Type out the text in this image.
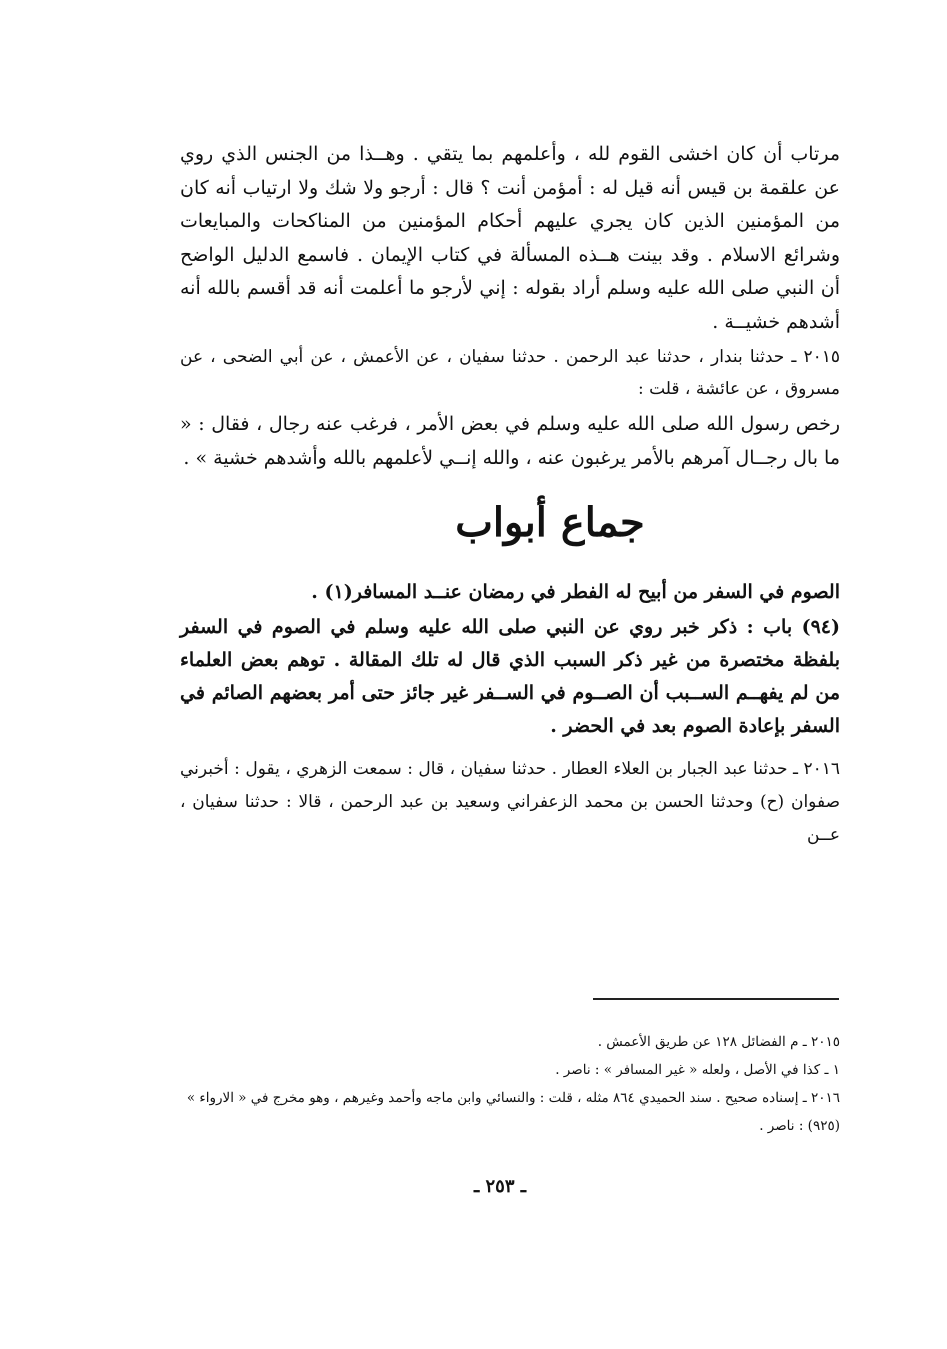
مرتاب أن كان اخشى القوم لله ، وأعلمهم بما يتقي . وهــذا من الجنس الذي روي عن علقمة بن قيس أنه قيل له : أمؤمن أنت ؟ قال : أرجو ولا شك ولا ارتياب أنه كان من المؤمنين الذين كان يجري عليهم أحكام المؤمنين من المناكحات والمبايعات وشرائع الاسلام . وقد بينت هــذه المسألة في كتاب الإيمان . فاسمع الدليل الواضح أن النبي صلى الله عليه وسلم أراد بقوله : إني لأرجو ما أعلمت أنه قد أقسم بالله أنه أشدهم خشيــة .

٢٠١٥ ـ حدثنا بندار ، حدثنا عبد الرحمن . حدثنا سفيان ، عن الأعمش ، عن أبي الضحى ، عن مسروق ، عن عائشة ، قلت :

رخص رسول الله صلى الله عليه وسلم في بعض الأمر ، فرغب عنه رجال ، فقال : « ما بال رجــال آمرهم بالأمر يرغبون عنه ، والله إنــي لأعلمهم بالله وأشدهم خشية » .

جماع أبواب

الصوم في السفر من أبيح له الفطر في رمضان عنــد المسافر(١) .

(٩٤) باب : ذكر خبر روي عن النبي صلى الله عليه وسلم في الصوم في السفر بلفظة مختصرة من غير ذكر السبب الذي قال له تلك المقالة . توهم بعض العلماء من لم يفهــم الســبب أن الصــوم في الســفر غير جائز حتى أمر بعضهم الصائم في السفر بإعادة الصوم بعد في الحضر .

٢٠١٦ ـ حدثنا عبد الجبار بن العلاء العطار . حدثنا سفيان ، قال : سمعت الزهري ، يقول : أخبرني صفوان (ح) وحدثنا الحسن بن محمد الزعفراني وسعيد بن عبد الرحمن ، قالا : حدثنا سفيان ، عــن

٢٠١٥ ـ م الفضائل ١٢٨ عن طريق الأعمش .

١ ـ كذا في الأصل ، ولعله « غير المسافر » : ناصر .

٢٠١٦ ـ إسناده صحيح . سند الحميدي ٨٦٤ مثله ، قلت : والنسائي وابن ماجه وأحمد وغيرهم ، وهو مخرج في « الارواء » (٩٢٥) : ناصر .

ـ ٢٥٣ ـ
